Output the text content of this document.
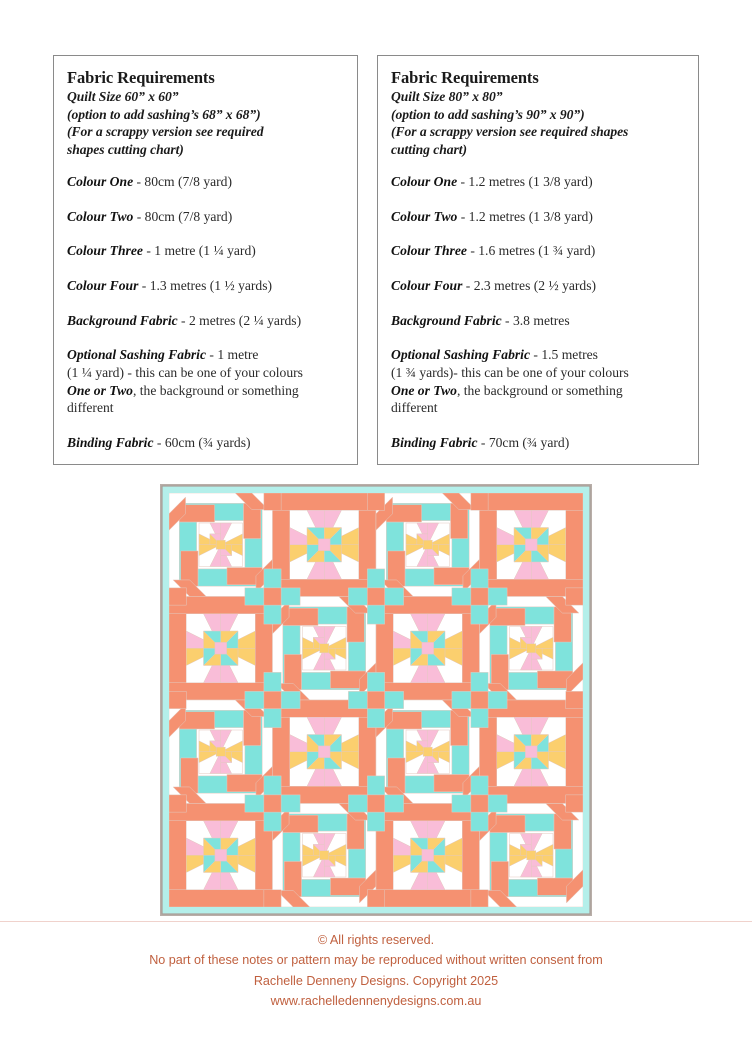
Fabric Requirements
Quilt Size 60” x 60”
(option to add sashing’s 68” x 68”)
(For a scrappy version see required
shapes cutting chart)
Colour One - 80cm (7/8 yard)
Colour Two - 80cm (7/8 yard)
Colour Three - 1 metre (1 ¼ yard)
Colour Four - 1.3 metres (1 ½ yards)
Background Fabric - 2 metres (2 ¼ yards)
Optional Sashing Fabric - 1 metre
(1 ¼ yard) - this can be one of your colours
One or Two, the background or something
different
Binding Fabric - 60cm (¾ yards)
Fabric Requirements
Quilt Size 80” x 80”
(option to add sashing’s 90” x 90”)
(For a scrappy version see required shapes
cutting chart)
Colour One - 1.2 metres (1 3/8 yard)
Colour Two - 1.2 metres (1 3/8 yard)
Colour Three - 1.6 metres (1 ¾ yard)
Colour Four - 2.3 metres (2 ½ yards)
Background Fabric - 3.8 metres
Optional Sashing Fabric - 1.5 metres
(1 ¾ yards)- this can be one of your colours
One or Two, the background or something
different
Binding Fabric - 70cm (¾ yard)
© All rights reserved.
No part of these notes or pattern may be reproduced without written consent from
Rachelle Denneny Designs. Copyright 2025
www.rachelledennenydesigns.com.au
